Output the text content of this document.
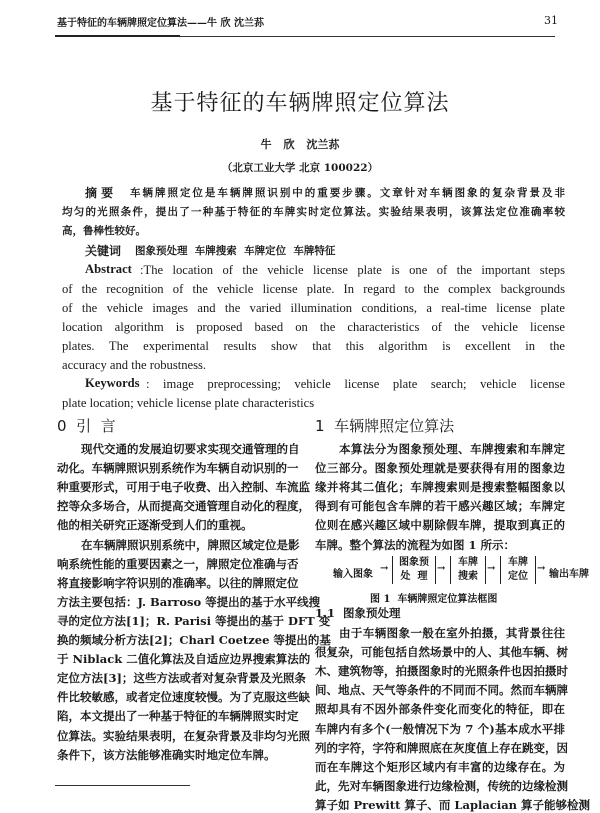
基于特征的车辆牌照定位算法——牛 欣 沈兰荪	31
基于特征的车辆牌照定位算法
牛 欣 沈兰荪
（北京工业大学 北京 100022）
摘 要 车辆牌照定位是车辆牌照识别中的重要步骤。文章针对车辆图象的复杂背景及非
均匀的光照条件，提出了一种基于特征的车牌实时定位算法。实验结果表明，该算法定位准确率较
高，鲁棒性较好。
关键词 图象预处理  车牌搜索  车牌定位  车牌特征
Abstract :The location of the vehicle license plate is one of the important steps
of the recognition of the vehicle license plate. In regard to the complex backgrounds
of the vehicle images and the varied illumination conditions, a real-time license plate
location algorithm is proposed based on the characteristics of the vehicle license
plates. The experimental results show that this algorithm is excellent in the
accuracy and the robustness.
Keywords : image preprocessing; vehicle license plate search; vehicle license
plate location; vehicle license plate characteristics
0  引  言
现代交通的发展迫切要求实现交通管理的自
动化。车辆牌照识别系统作为车辆自动识别的一
种重要形式，可用于电子收费、出入控制、车流监
控等众多场合，从而提高交通管理自动化的程度，
他的相关研究正逐渐受到人们的重视。
在车辆牌照识别系统中，牌照区域定位是影
响系统性能的重要因素之一，牌照定位准确与否
将直接影响字符识别的准确率。以往的牌照定位
方法主要包括：J. Barroso 等提出的基于水平线搜
寻的定位方法[1]；R. Parisi 等提出的基于 DFT 变
换的频域分析方法[2]；Charl Coetzee 等提出的基
于 Niblack 二值化算法及自适应边界搜索算法的
定位方法[3]；这些方法或者对复杂背景及光照条
件比较敏感，或者定位速度较慢。为了克服这些缺
陷，本文提出了一种基于特征的车辆牌照实时定
位算法。实验结果表明，在复杂背景及非均匀光照
条件下，该方法能够准确实时地定位车牌。
1  车辆牌照定位算法
本算法分为图象预处理、车牌搜索和车牌定
位三部分。图象预处理就是要获得有用的图象边
缘并将其二值化；车牌搜索则是搜索整幅图象以
得到有可能包含车牌的若干感兴趣区域；车牌定
位则在感兴趣区域中剔除假车牌，提取到真正的
车牌。整个算法的流程为如图 1 所示：
输入图象
→
图象预
处  理
→
车牌
搜索
→
车牌
定位
→
输出车牌
图 1  车辆牌照定位算法框图
1.1  图象预处理
由于车辆图象一般在室外拍摄，其背景往往
很复杂，可能包括自然场景中的人、其他车辆、树
木、建筑物等，拍摄图象时的光照条件也因拍摄时
间、地点、天气等条件的不同而不同。然而车辆牌
照却具有不因外部条件变化而变化的特征，即在
车牌内有多个(一般情况下为 7 个)基本成水平排
列的字符，字符和牌照底在灰度值上存在跳变，因
而在车牌这个矩形区域内有丰富的边缘存在。为
此，先对车辆图象进行边缘检测，传统的边缘检测
算子如 Prewitt 算子、而 Laplacian 算子能够检测
